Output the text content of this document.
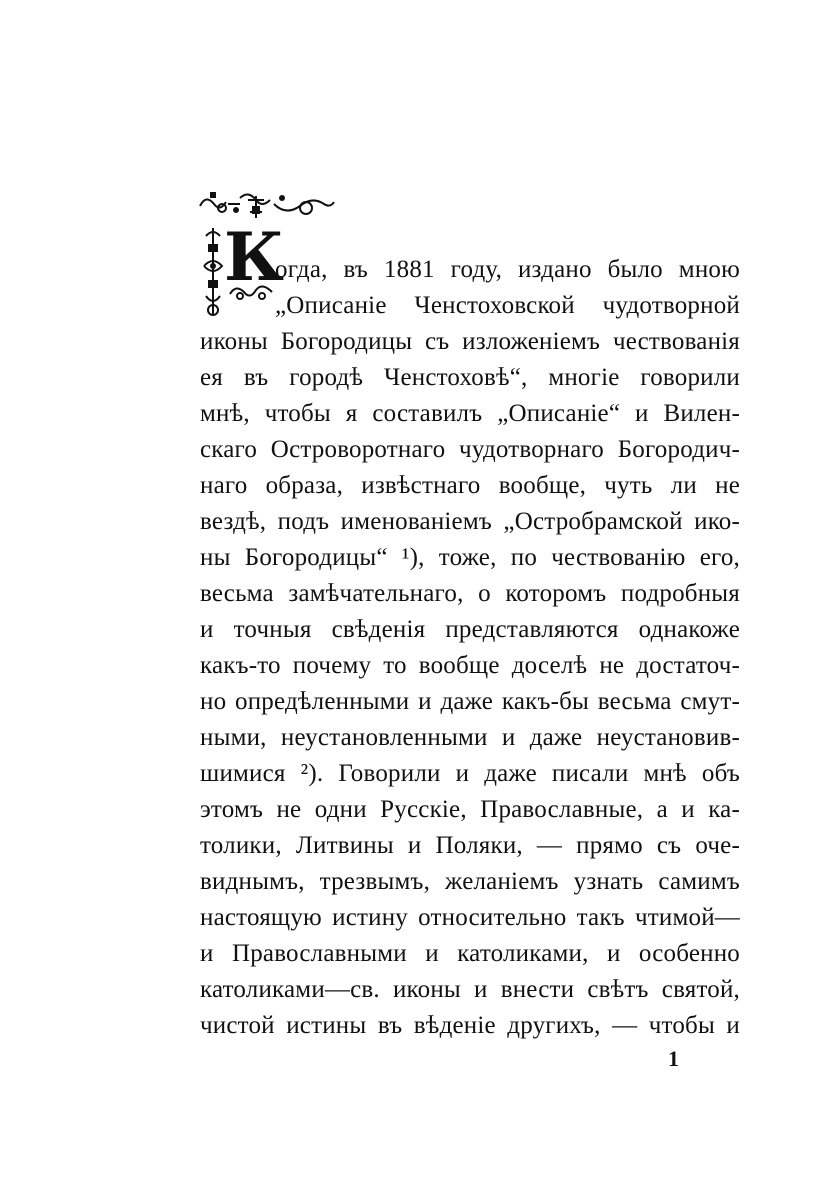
К
огда, въ 1881 году, издано было мною
„Описаніе Ченстоховской чудотворной
иконы Богородицы съ изложеніемъ чествованія
ея въ городѣ Ченстоховѣ“, многіе говорили
мнѣ, чтобы я составилъ „Описаніе“ и Вилен-
скаго Островоротнаго чудотворнаго Богородич-
наго образа, извѣстнаго вообще, чуть ли не
вездѣ, подъ именованіемъ „Остробрамской ико-
ны Богородицы“ ¹), тоже, по чествованію его,
весьма замѣчательнаго, о которомъ подробныя
и точныя свѣденія представляются однакоже
какъ-то почему то вообще доселѣ не достаточ-
но опредѣленными и даже какъ-бы весьма смут-
ными, неустановленными и даже неустановив-
шимися ²). Говорили и даже писали мнѣ объ
этомъ не одни Русскіе, Православные, а и ка-
толики, Литвины и Поляки, — прямо съ оче-
виднымъ, трезвымъ, желаніемъ узнать самимъ
настоящую истину относительно такъ чтимой—
и Православными и католиками, и особенно
католиками—св. иконы и внести свѣтъ святой,
чистой истины въ вѣденіе другихъ, — чтобы и
1
